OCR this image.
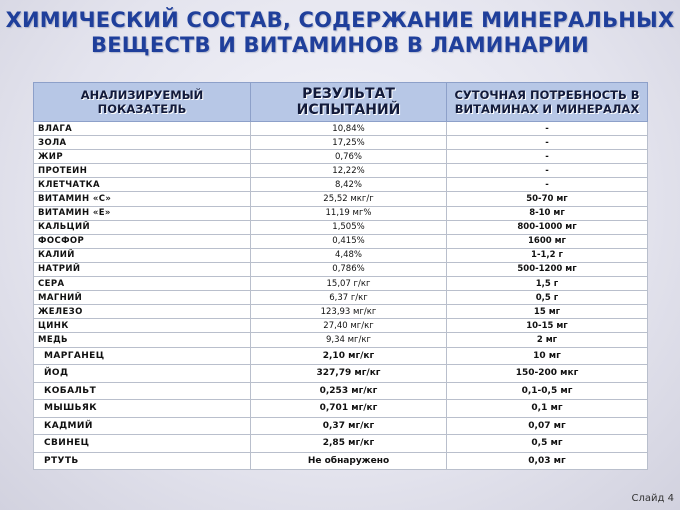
ХИМИЧЕСКИЙ СОСТАВ, СОДЕРЖАНИЕ МИНЕРАЛЬНЫХ
ВЕЩЕСТВ И ВИТАМИНОВ В ЛАМИНАРИИ
АНАЛИЗИРУЕМЫЙ ПОКАЗАТЕЛЬ	РЕЗУЛЬТАТ ИСПЫТАНИЙ	СУТОЧНАЯ ПОТРЕБНОСТЬ В
ВИТАМИНАХ И МИНЕРАЛАХ

ВЛАГА	10,84%	-
ЗОЛА	17,25%	-
ЖИР	0,76%	-
ПРОТЕИН	12,22%	-
КЛЕТЧАТКА	8,42%	-
ВИТАМИН «С»	25,52 мкг/г	50-70 мг
ВИТАМИН «Е»	11,19 мг%	8-10 мг
КАЛЬЦИЙ	1,505%	800-1000 мг
ФОСФОР	0,415%	1600 мг
КАЛИЙ	4,48%	1-1,2 г
НАТРИЙ	0,786%	500-1200 мг
СЕРА	15,07 г/кг	1,5 г
МАГНИЙ	6,37 г/кг	0,5 г
ЖЕЛЕЗО	123,93 мг/кг	15 мг
ЦИНК	27,40 мг/кг	10-15 мг
МЕДЬ	9,34 мг/кг	2 мг
МАРГАНЕЦ	2,10 мг/кг	10 мг
ЙОД	327,79 мг/кг	150-200 мкг
КОБАЛЬТ	0,253 мг/кг	0,1-0,5 мг
МЫШЬЯК	0,701 мг/кг	0,1 мг
КАДМИЙ	0,37 мг/кг	0,07 мг
СВИНЕЦ	2,85 мг/кг	0,5 мг
РТУТЬ	Не обнаружено	0,03 мг
Слайд 4
